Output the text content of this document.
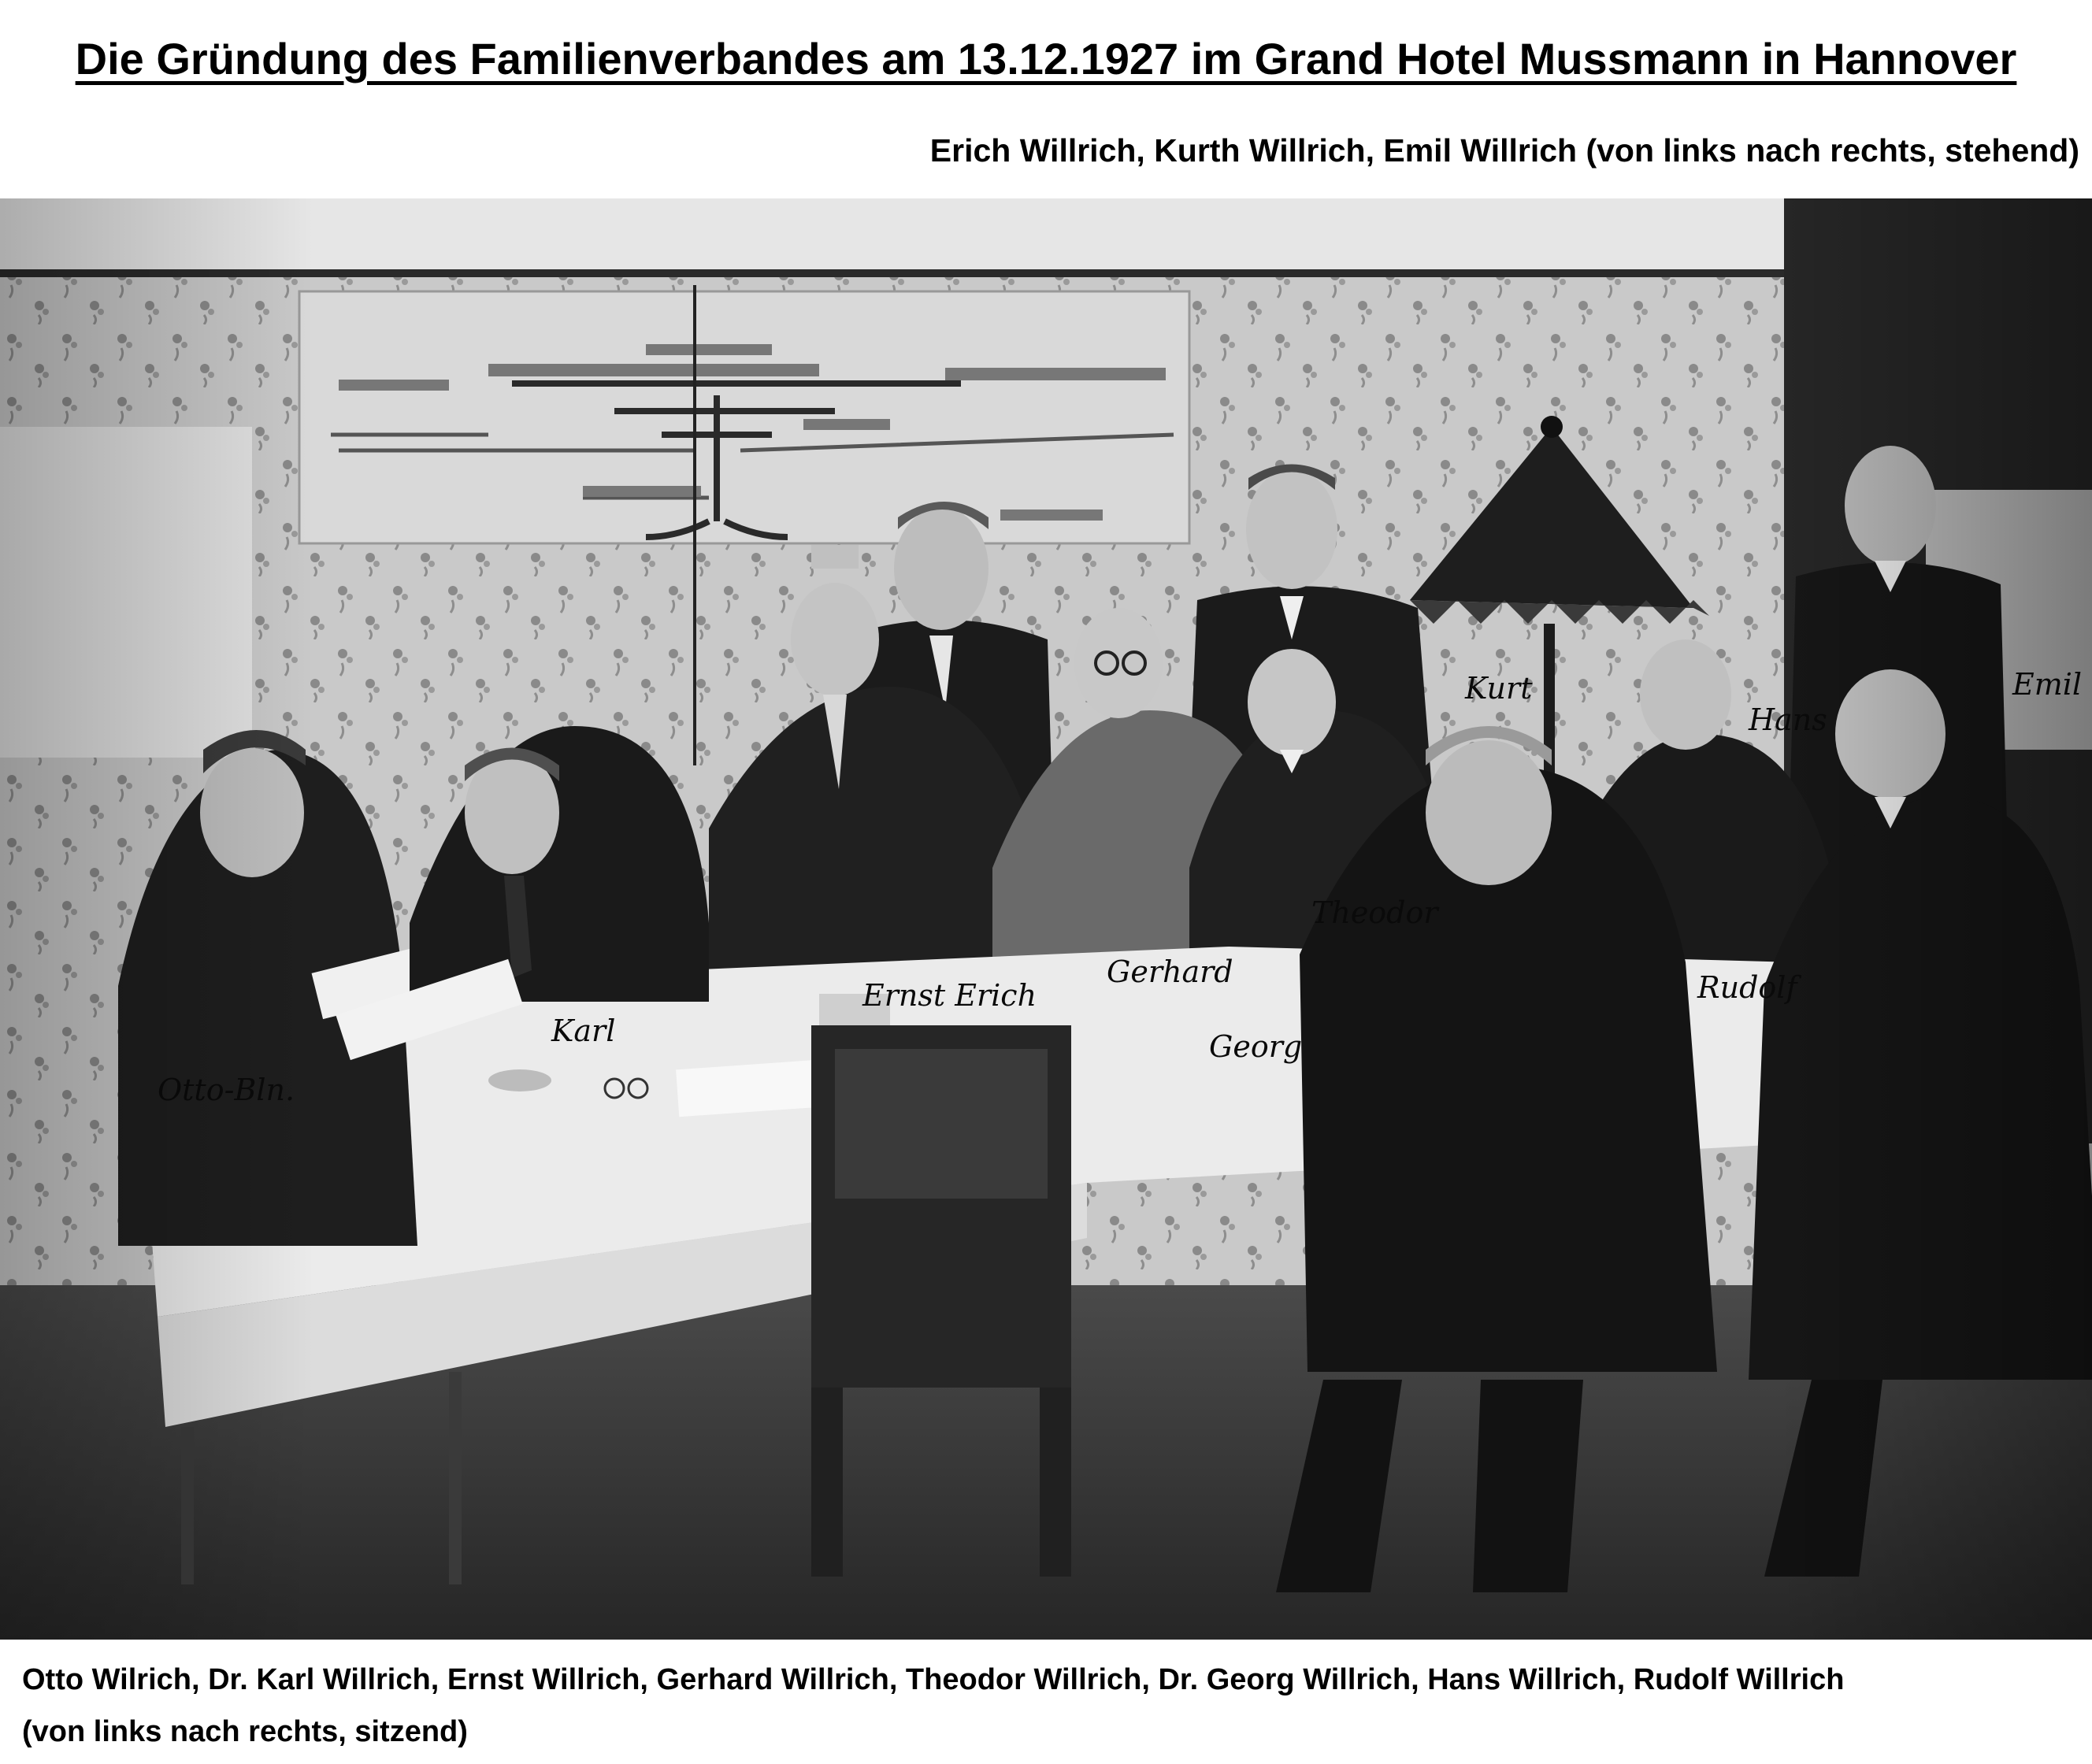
Die Gründung des Familienverbandes am 13.12.1927 im Grand Hotel Mussmann in Hannover
Erich Willrich, Kurth Willrich, Emil Willrich (von links nach rechts, stehend)
Otto Wilrich, Dr. Karl Willrich, Ernst Willrich, Gerhard Willrich, Theodor Willrich, Dr. Georg Willrich, Hans Willrich, Rudolf Willrich
(von links nach rechts, sitzend)
